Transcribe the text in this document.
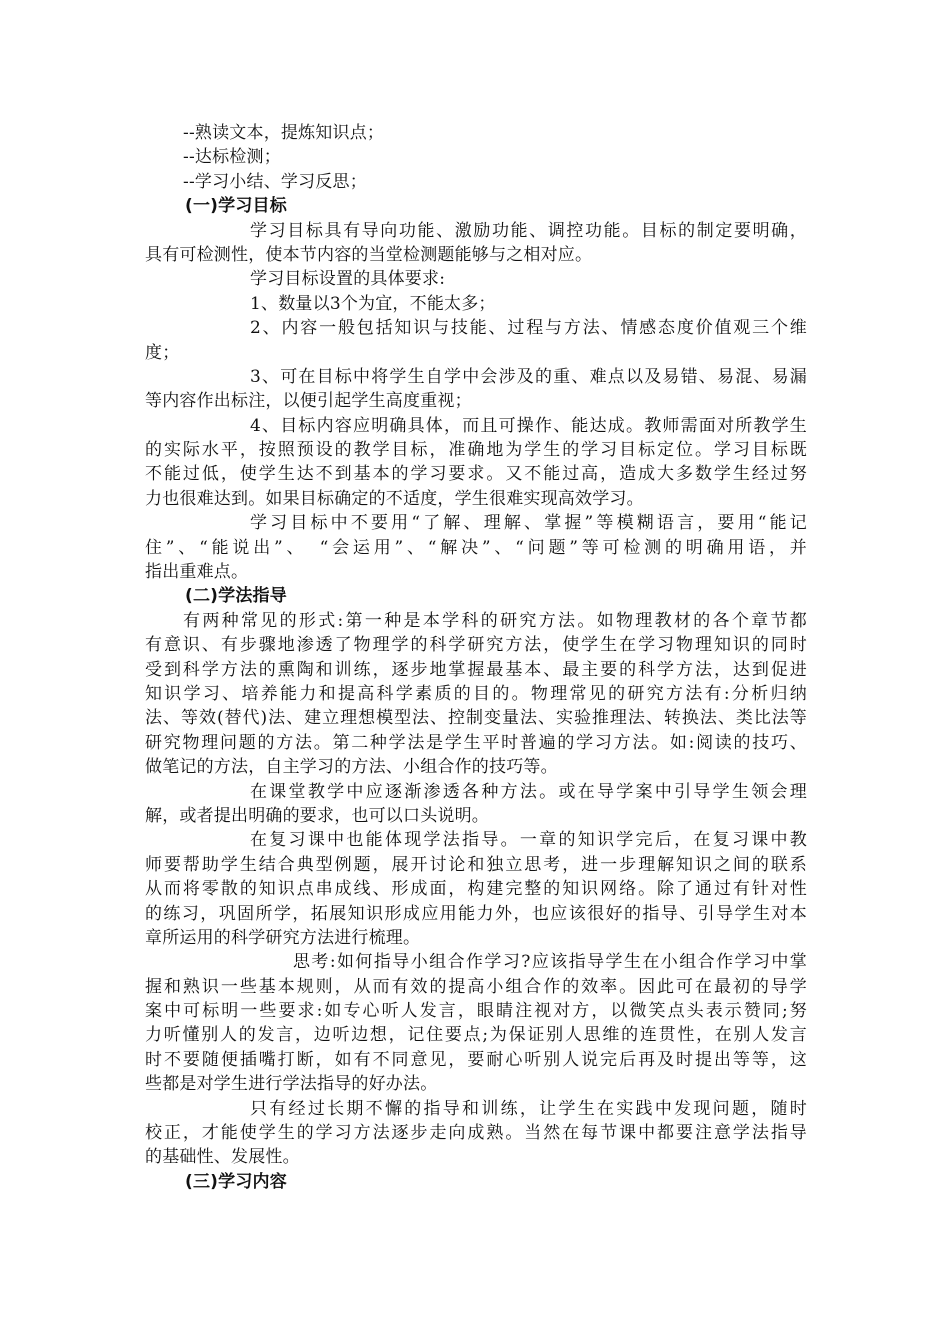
--熟读文本，提炼知识点；
--达标检测；
--学习小结、学习反思；
(一)学习目标
学习目标具有导向功能、激励功能、调控功能。目标的制定要明确，
具有可检测性，使本节内容的当堂检测题能够与之相对应。
学习目标设置的具体要求:
1、数量以3个为宜，不能太多；
2、内容一般包括知识与技能、过程与方法、情感态度价值观三个维
度；
3、可在目标中将学生自学中会涉及的重、难点以及易错、易混、易漏
等内容作出标注，以便引起学生高度重视；
4、目标内容应明确具体，而且可操作、能达成。教师需面对所教学生
的实际水平，按照预设的教学目标，准确地为学生的学习目标定位。学习目标既
不能过低，使学生达不到基本的学习要求。又不能过高，造成大多数学生经过努
力也很难达到。如果目标确定的不适度，学生很难实现高效学习。
学习目标中不要用“了解、理解、掌握”等模糊语言，要用“能记
住”、“能说出”、　“会运用”、“解决”、“问题”等可检测的明确用语，并
指出重难点。
(二)学法指导
有两种常见的形式:第一种是本学科的研究方法。如物理教材的各个章节都
有意识、有步骤地渗透了物理学的科学研究方法，使学生在学习物理知识的同时
受到科学方法的熏陶和训练，逐步地掌握最基本、最主要的科学方法，达到促进
知识学习、培养能力和提高科学素质的目的。物理常见的研究方法有:分析归纳
法、等效(替代)法、建立理想模型法、控制变量法、实验推理法、转换法、类比法等
研究物理问题的方法。第二种学法是学生平时普遍的学习方法。如:阅读的技巧、
做笔记的方法，自主学习的方法、小组合作的技巧等。
在课堂教学中应逐渐渗透各种方法。或在导学案中引导学生领会理
解，或者提出明确的要求，也可以口头说明。
在复习课中也能体现学法指导。一章的知识学完后，在复习课中教
师要帮助学生结合典型例题，展开讨论和独立思考，进一步理解知识之间的联系
从而将零散的知识点串成线、形成面，构建完整的知识网络。除了通过有针对性
的练习，巩固所学，拓展知识形成应用能力外，也应该很好的指导、引导学生对本
章所运用的科学研究方法进行梳理。
思考:如何指导小组合作学习?应该指导学生在小组合作学习中掌
握和熟识一些基本规则，从而有效的提高小组合作的效率。因此可在最初的导学
案中可标明一些要求:如专心听人发言，眼睛注视对方，以微笑点头表示赞同;努
力听懂别人的发言，边听边想，记住要点;为保证别人思维的连贯性，在别人发言
时不要随便插嘴打断，如有不同意见，要耐心听别人说完后再及时提出等等，这
些都是对学生进行学法指导的好办法。
只有经过长期不懈的指导和训练，让学生在实践中发现问题，随时
校正，才能使学生的学习方法逐步走向成熟。当然在每节课中都要注意学法指导
的基础性、发展性。
(三)学习内容
